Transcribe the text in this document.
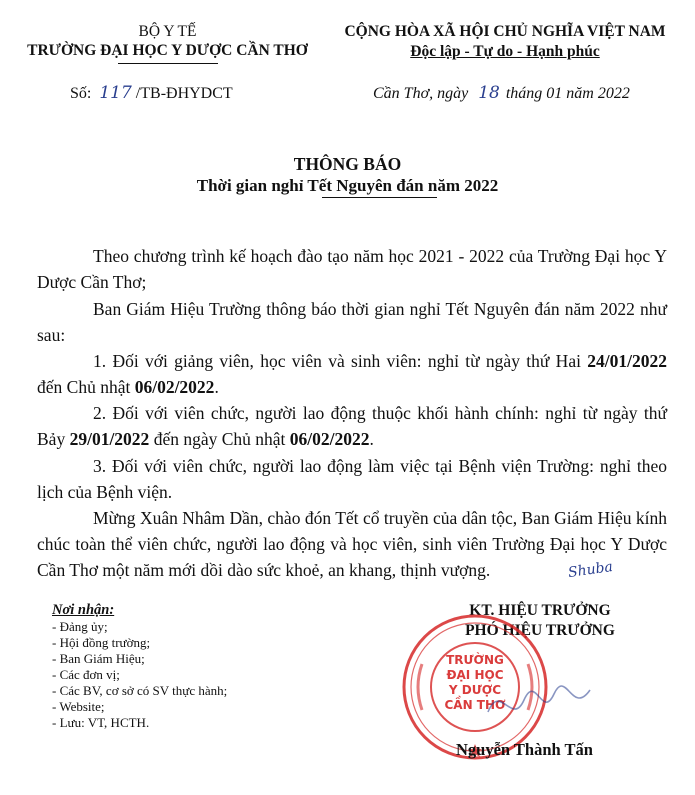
BỘ Y TẾ
TRƯỜNG ĐẠI HỌC Y DƯỢC CẦN THƠ
Số: 117 /TB-ĐHYDCT
CỘNG HÒA XÃ HỘI CHỦ NGHĨA VIỆT NAM
Độc lập - Tự do - Hạnh phúc
Cần Thơ, ngày 18 tháng 01 năm 2022
THÔNG BÁO
Thời gian nghỉ Tết Nguyên đán năm 2022
Theo chương trình kế hoạch đào tạo năm học 2021 - 2022 của Trường Đại học Y Dược Cần Thơ;
Ban Giám Hiệu Trường thông báo thời gian nghỉ Tết Nguyên đán năm 2022 như sau:
1. Đối với giảng viên, học viên và sinh viên: nghỉ từ ngày thứ Hai 24/01/2022 đến Chủ nhật 06/02/2022.
2. Đối với viên chức, người lao động thuộc khối hành chính: nghỉ từ ngày thứ Bảy 29/01/2022 đến ngày Chủ nhật 06/02/2022.
3. Đối với viên chức, người lao động làm việc tại Bệnh viện Trường: nghỉ theo lịch của Bệnh viện.
Mừng Xuân Nhâm Dần, chào đón Tết cổ truyền của dân tộc, Ban Giám Hiệu kính chúc toàn thể viên chức, người lao động và học viên, sinh viên Trường Đại học Y Dược Cần Thơ một năm mới dồi dào sức khoẻ, an khang, thịnh vượng.
Nơi nhận:
- Đảng ủy;
- Hội đồng trường;
- Ban Giám Hiệu;
- Các đơn vị;
- Các BV, cơ sở có SV thực hành;
- Website;
- Lưu: VT, HCTH.
Shuba
KT. HIỆU TRƯỞNG
PHÓ HIỆU TRƯỞNG
TRƯỜNG
ĐẠI HỌC
Y DƯỢC
CẦN THƠ
Nguyễn Thành Tấn
